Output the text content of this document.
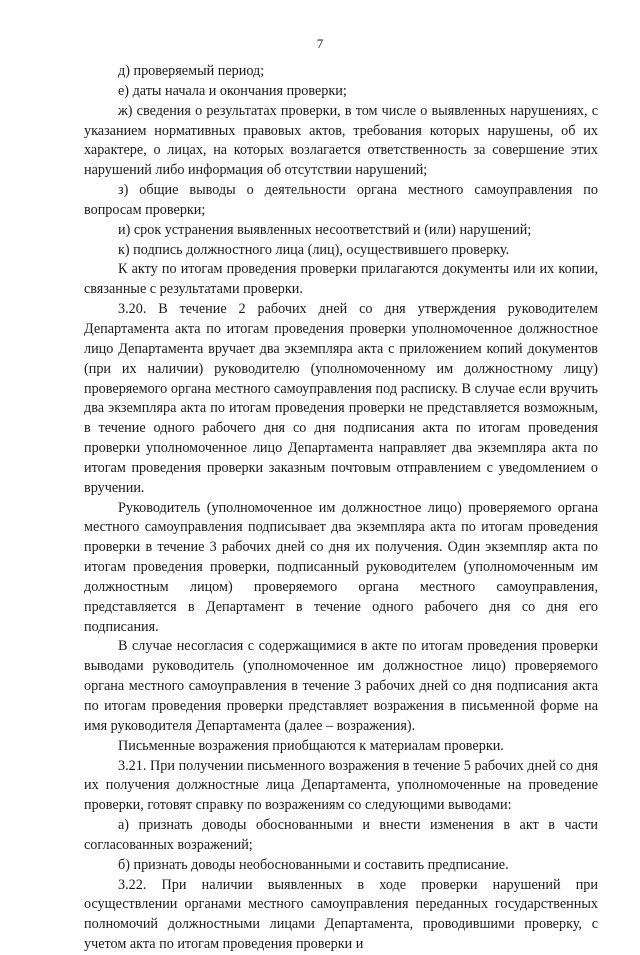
7

д) проверяемый период;

е) даты начала и окончания проверки;

ж) сведения о результатах проверки, в том числе о выявленных нарушениях, с указанием нормативных правовых актов, требования которых нарушены, об их характере, о лицах, на которых возлагается ответственность за совершение этих нарушений либо информация об отсутствии нарушений;

з) общие выводы о деятельности органа местного самоуправления по вопросам проверки;

и) срок устранения выявленных несоответствий и (или) нарушений;

к) подпись должностного лица (лиц), осуществившего проверку.

К акту по итогам проведения проверки прилагаются документы или их копии, связанные с результатами проверки.

3.20. В течение 2 рабочих дней со дня утверждения руководителем Департамента акта по итогам проведения проверки уполномоченное должностное лицо Департамента вручает два экземпляра акта с приложением копий документов (при их наличии) руководителю (уполномоченному им должностному лицу) проверяемого органа местного самоуправления под расписку. В случае если вручить два экземпляра акта по итогам проведения проверки не представляется возможным, в течение одного рабочего дня со дня подписания акта по итогам проведения проверки уполномоченное лицо Департамента направляет два экземпляра акта по итогам проведения проверки заказным почтовым отправлением с уведомлением о вручении.

Руководитель (уполномоченное им должностное лицо) проверяемого органа местного самоуправления подписывает два экземпляра акта по итогам проведения проверки в течение 3 рабочих дней со дня их получения. Один экземпляр акта по итогам проведения проверки, подписанный руководителем (уполномоченным им должностным лицом) проверяемого органа местного самоуправления, представляется в Департамент в течение одного рабочего дня со дня его подписания.

В случае несогласия с содержащимися в акте по итогам проведения проверки выводами руководитель (уполномоченное им должностное лицо) проверяемого органа местного самоуправления в течение 3 рабочих дней со дня подписания акта по итогам проведения проверки представляет возражения в письменной форме на имя руководителя Департамента (далее – возражения).

Письменные возражения приобщаются к материалам проверки.

3.21. При получении письменного возражения в течение 5 рабочих дней со дня их получения должностные лица Департамента, уполномоченные на проведение проверки, готовят справку по возражениям со следующими выводами:

а) признать доводы обоснованными и внести изменения в акт в части согласованных возражений;

б) признать доводы необоснованными и составить предписание.

3.22. При наличии выявленных в ходе проверки нарушений при осуществлении органами местного самоуправления переданных государственных полномочий должностными лицами Департамента, проводившими проверку, с учетом акта по итогам проведения проверки и
